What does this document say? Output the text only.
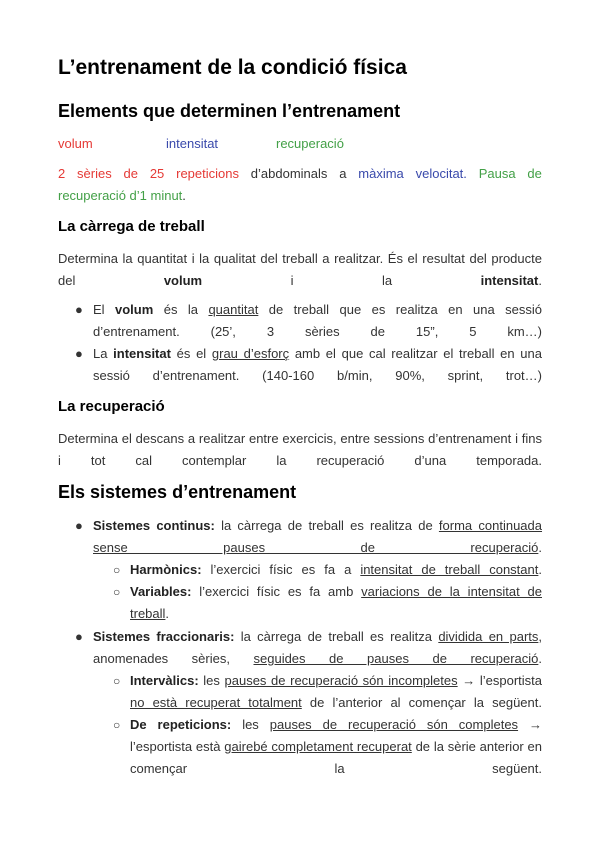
L’entrenament de la condició física
Elements que determinen l’entrenament
volum	intensitat	recuperació
2 sèries de 25 repeticions d’abdominals a màxima velocitat. Pausa de
recuperació d’1 minut.
La càrrega de treball
Determina la quantitat i la qualitat del treball a realitzar. És el resultat del producte del volum i la intensitat.
● El volum és la quantitat de treball que es realitza en una sessió d’entrenament. (25’, 3 sèries de 15”, 5 km…)
● La intensitat és el grau d’esforç amb el que cal realitzar el treball en una sessió d’entrenament. (140-160 b/min, 90%, sprint, trot…)
La recuperació
Determina el descans a realitzar entre exercicis, entre sessions d’entrenament i fins i tot cal contemplar la recuperació d’una temporada.
Els sistemes d’entrenament
● Sistemes continus: la càrrega de treball es realitza de forma continuada sense pauses de recuperació.
○ Harmònics: l’exercici físic es fa a intensitat de treball constant.
○ Variables: l’exercici físic es fa amb variacions de la intensitat de treball.
● Sistemes fraccionaris: la càrrega de treball es realitza dividida en parts, anomenades sèries, seguides de pauses de recuperació.
○ Intervàlics: les pauses de recuperació són incompletes → l’esportista no està recuperat totalment de l’anterior al començar la següent.
○ De repeticions: les pauses de recuperació són completes → l’esportista està gairebé completament recuperat de la sèrie anterior en començar la següent.
